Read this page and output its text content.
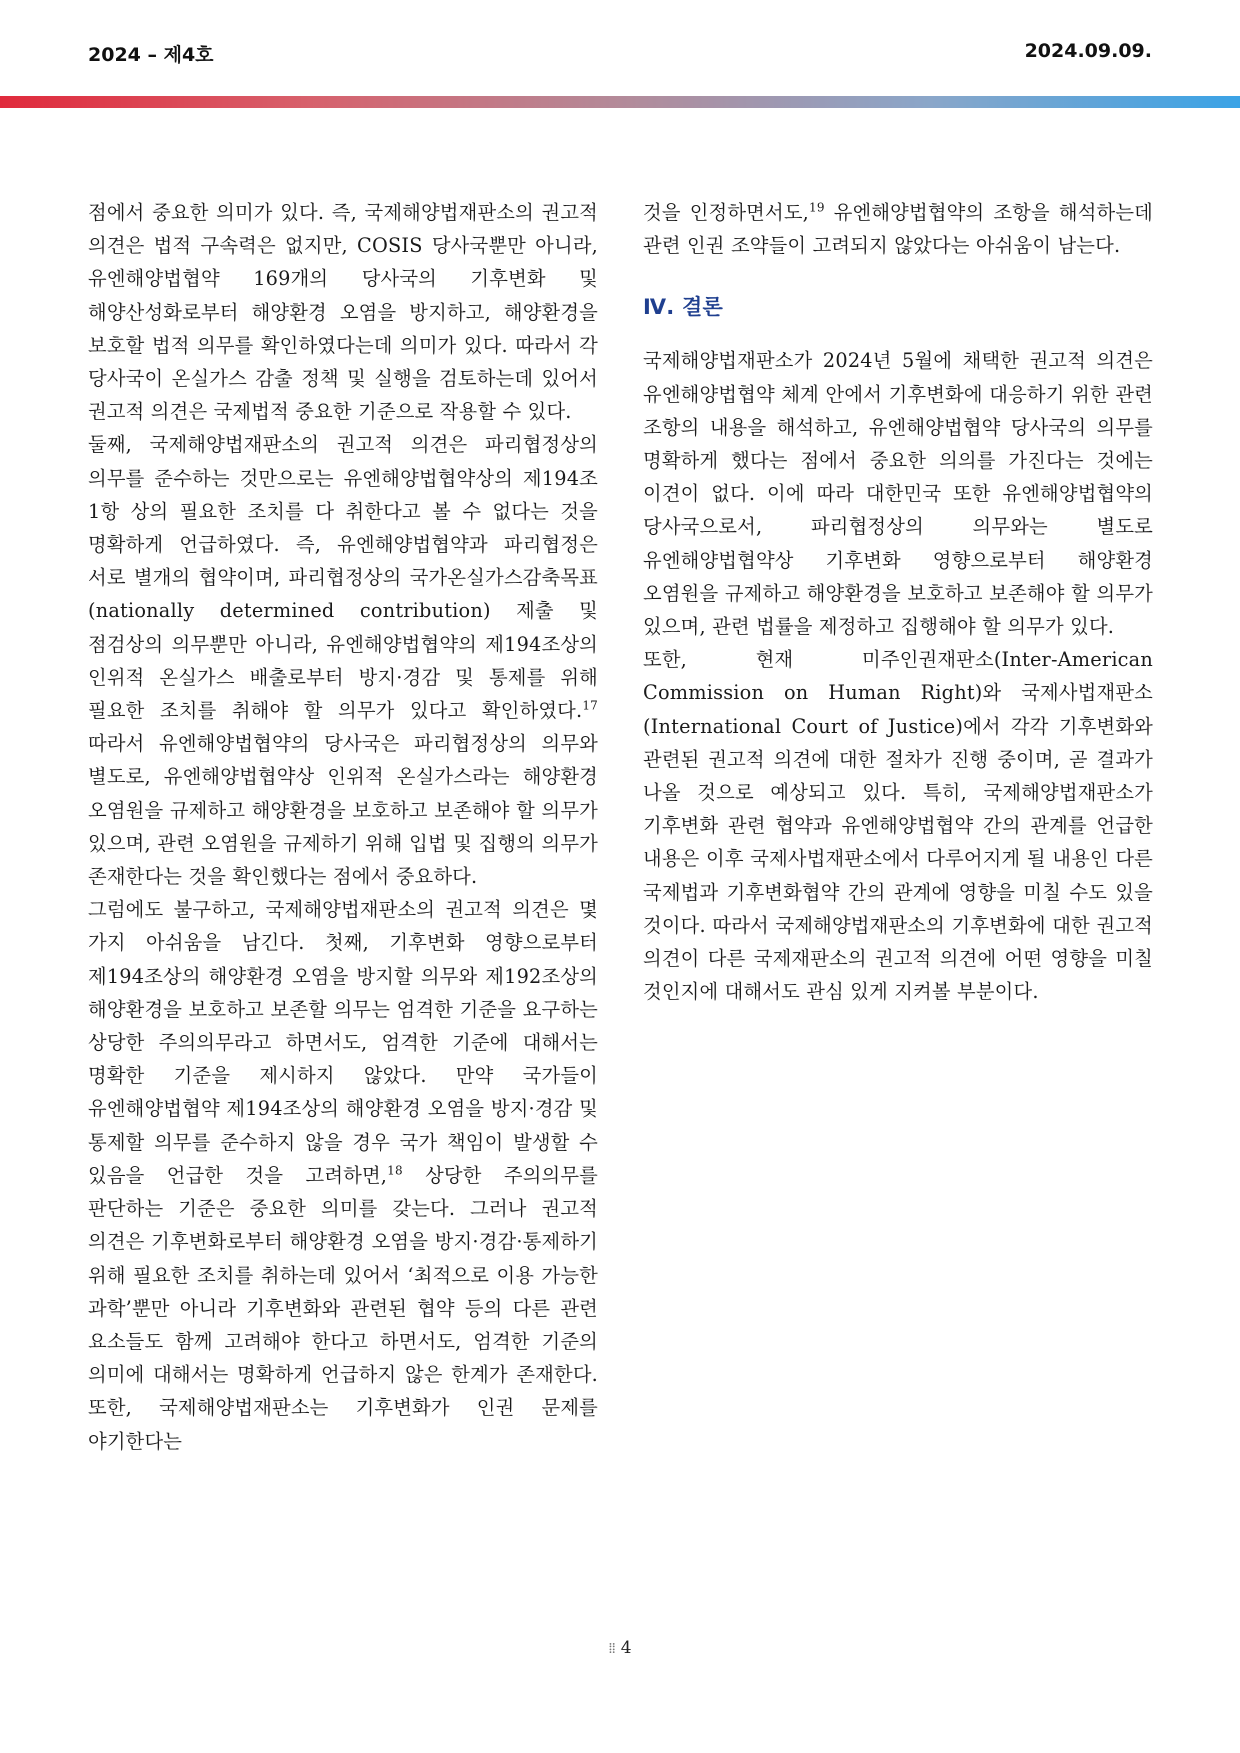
2024 – 제4호	2024.09.09.

점에서 중요한 의미가 있다. 즉, 국제해양법재판소의 권고적 의견은 법적 구속력은 없지만, COSIS 당사국뿐만 아니라, 유엔해양법협약 169개의 당사국의 기후변화 및 해양산성화로부터 해양환경 오염을 방지하고, 해양환경을 보호할 법적 의무를 확인하였다는데 의미가 있다. 따라서 각 당사국이 온실가스 감출 정책 및 실행을 검토하는데 있어서 권고적 의견은 국제법적 중요한 기준으로 작용할 수 있다.

둘째, 국제해양법재판소의 권고적 의견은 파리협정상의 의무를 준수하는 것만으로는 유엔해양법협약상의 제194조 1항 상의 필요한 조치를 다 취한다고 볼 수 없다는 것을 명확하게 언급하였다. 즉, 유엔해양법협약과 파리협정은 서로 별개의 협약이며, 파리협정상의 국가온실가스감축목표 (nationally determined contribution) 제출 및 점검상의 의무뿐만 아니라, 유엔해양법협약의 제194조상의 인위적 온실가스 배출로부터 방지·경감 및 통제를 위해 필요한 조치를 취해야 할 의무가 있다고 확인하였다.$^{17}$ 따라서 유엔해양법협약의 당사국은 파리협정상의 의무와 별도로, 유엔해양법협약상 인위적 온실가스라는 해양환경 오염원을 규제하고 해양환경을 보호하고 보존해야 할 의무가 있으며, 관련 오염원을 규제하기 위해 입법 및 집행의 의무가 존재한다는 것을 확인했다는 점에서 중요하다.

그럼에도 불구하고, 국제해양법재판소의 권고적 의견은 몇 가지 아쉬움을 남긴다. 첫째, 기후변화 영향으로부터 제194조상의 해양환경 오염을 방지할 의무와 제192조상의 해양환경을 보호하고 보존할 의무는 엄격한 기준을 요구하는 상당한 주의의무라고 하면서도, 엄격한 기준에 대해서는 명확한 기준을 제시하지 않았다. 만약 국가들이 유엔해양법협약 제194조상의 해양환경 오염을 방지·경감 및 통제할 의무를 준수하지 않을 경우 국가 책임이 발생할 수 있음을 언급한 것을 고려하면,$^{18}$ 상당한 주의의무를 판단하는 기준은 중요한 의미를 갖는다. 그러나 권고적 의견은 기후변화로부터 해양환경 오염을 방지·경감·통제하기 위해 필요한 조치를 취하는데 있어서 ‘최적으로 이용 가능한 과학’뿐만 아니라 기후변화와 관련된 협약 등의 다른 관련 요소들도 함께 고려해야 한다고 하면서도, 엄격한 기준의 의미에 대해서는 명확하게 언급하지 않은 한계가 존재한다. 또한, 국제해양법재판소는 기후변화가 인권 문제를 야기한다는

것을 인정하면서도,$^{19}$ 유엔해양법협약의 조항을 해석하는데 관련 인권 조약들이 고려되지 않았다는 아쉬움이 남는다.

Ⅳ. 결론

국제해양법재판소가 2024년 5월에 채택한 권고적 의견은 유엔해양법협약 체계 안에서 기후변화에 대응하기 위한 관련 조항의 내용을 해석하고, 유엔해양법협약 당사국의 의무를 명확하게 했다는 점에서 중요한 의의를 가진다는 것에는 이견이 없다. 이에 따라 대한민국 또한 유엔해양법협약의 당사국으로서, 파리협정상의 의무와는 별도로 유엔해양법협약상 기후변화 영향으로부터 해양환경 오염원을 규제하고 해양환경을 보호하고 보존해야 할 의무가 있으며, 관련 법률을 제정하고 집행해야 할 의무가 있다.

또한, 현재 미주인권재판소(Inter-American Commission on Human Right)와 국제사법재판소(International Court of Justice)에서 각각 기후변화와 관련된 권고적 의견에 대한 절차가 진행 중이며, 곧 결과가 나올 것으로 예상되고 있다. 특히, 국제해양법재판소가 기후변화 관련 협약과 유엔해양법협약 간의 관계를 언급한 내용은 이후 국제사법재판소에서 다루어지게 될 내용인 다른 국제법과 기후변화협약 간의 관계에 영향을 미칠 수도 있을 것이다. 따라서 국제해양법재판소의 기후변화에 대한 권고적 의견이 다른 국제재판소의 권고적 의견에 어떤 영향을 미칠 것인지에 대해서도 관심 있게 지켜볼 부분이다.

⁞⁞ 4
